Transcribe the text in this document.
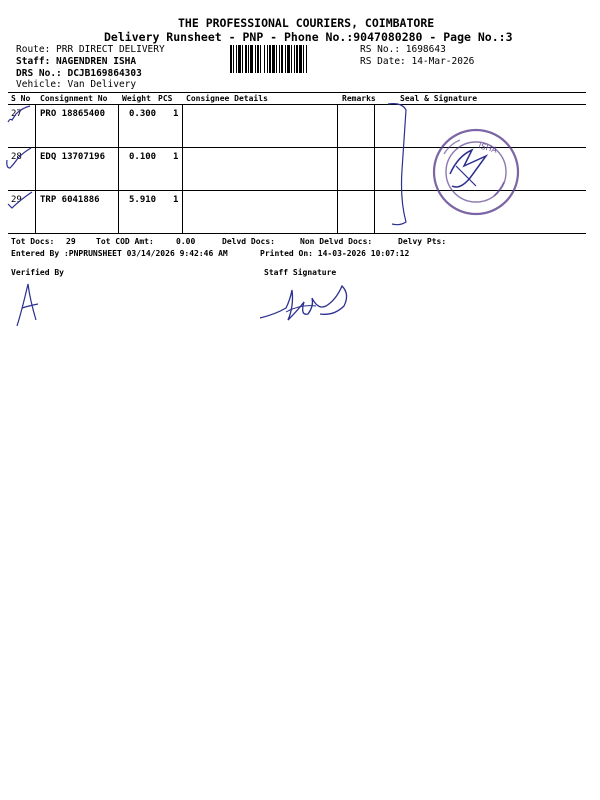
THE PROFESSIONAL COURIERS, COIMBATORE
Delivery Runsheet - PNP - Phone No.:9047080280 - Page No.:3
Route: PRR DIRECT DELIVERY
Staff: NAGENDREN ISHA
DRS No.: DCJB169864303
Vehicle: Van Delivery
RS No.: 1698643
RS Date: 14-Mar-2026
S No Consignment No Weight PCS Consignee Details	Remarks	Seal & Signature
27 PRO 18865400	0.300 1
28 EDQ 13707196	0.100 1
29 TRP 6041886	5.910 1
ISHA
Tot Docs: 29	Tot COD Amt:	0.00	Delvd Docs:	Non Delvd Docs:	Delvy Pts:
Entered By :PNPRUNSHEET 03/14/2026 9:42:46 AM	Printed On: 14-03-2026 10:07:12
Verified By	Staff Signature
